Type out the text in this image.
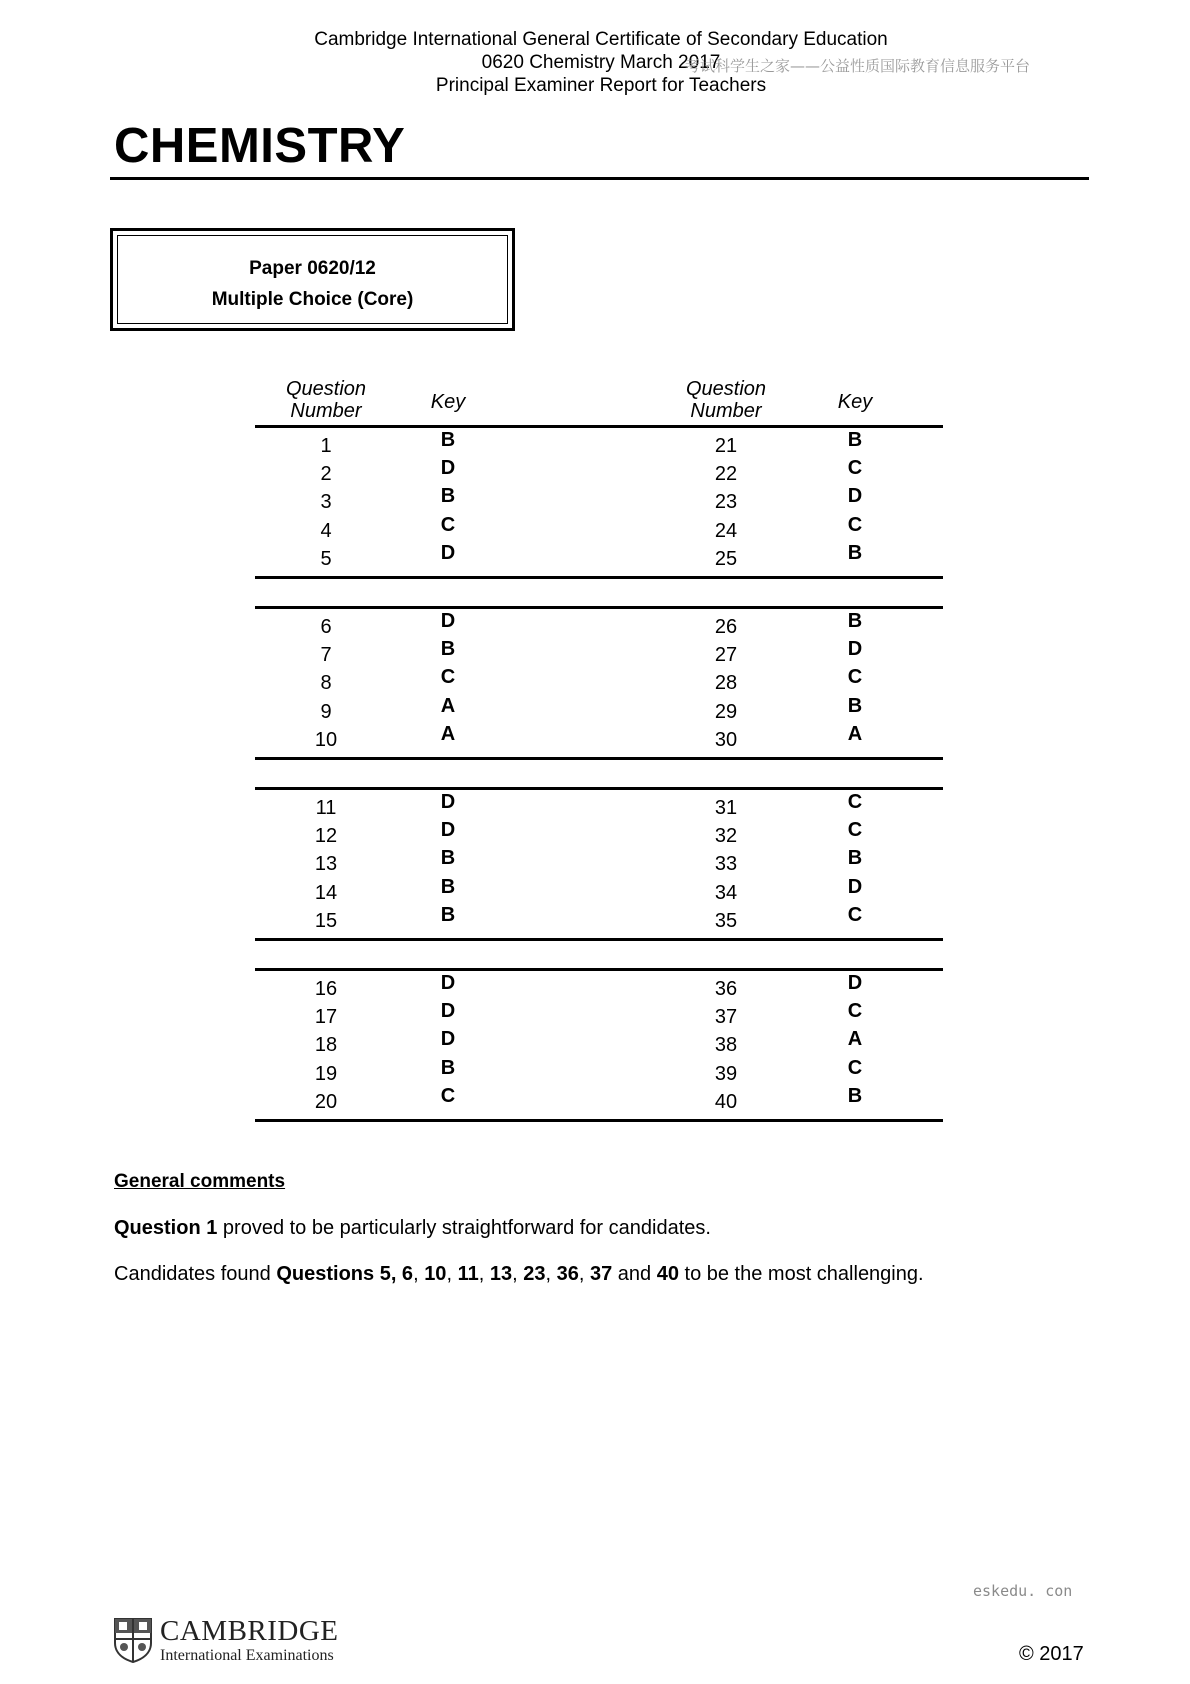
Cambridge International General Certificate of Secondary Education
0620 Chemistry March 2017
Principal Examiner Report for Teachers
考试科学生之家——公益性质国际教育信息服务平台
CHEMISTRY
Paper 0620/12
Multiple Choice (Core)
Question
Number	Key
Question
Number	Key
1	B	21	B
2	D	22	C
3	B	23	D
4	C	24	C
5	D	25	B
6	D	26	B
7	B	27	D
8	C	28	C
9	A	29	B
10	A	30	A
11	D	31	C
12	D	32	C
13	B	33	B
14	B	34	D
15	B	35	C
16	D	36	D
17	D	37	C
18	D	38	A
19	B	39	C
20	C	40	B
General comments
Question 1 proved to be particularly straightforward for candidates.
Candidates found Questions 5, 6, 10, 11, 13, 23, 36, 37 and 40 to be the most challenging.
eskedu. con
CAMBRIDGE
International Examinations	© 2017
